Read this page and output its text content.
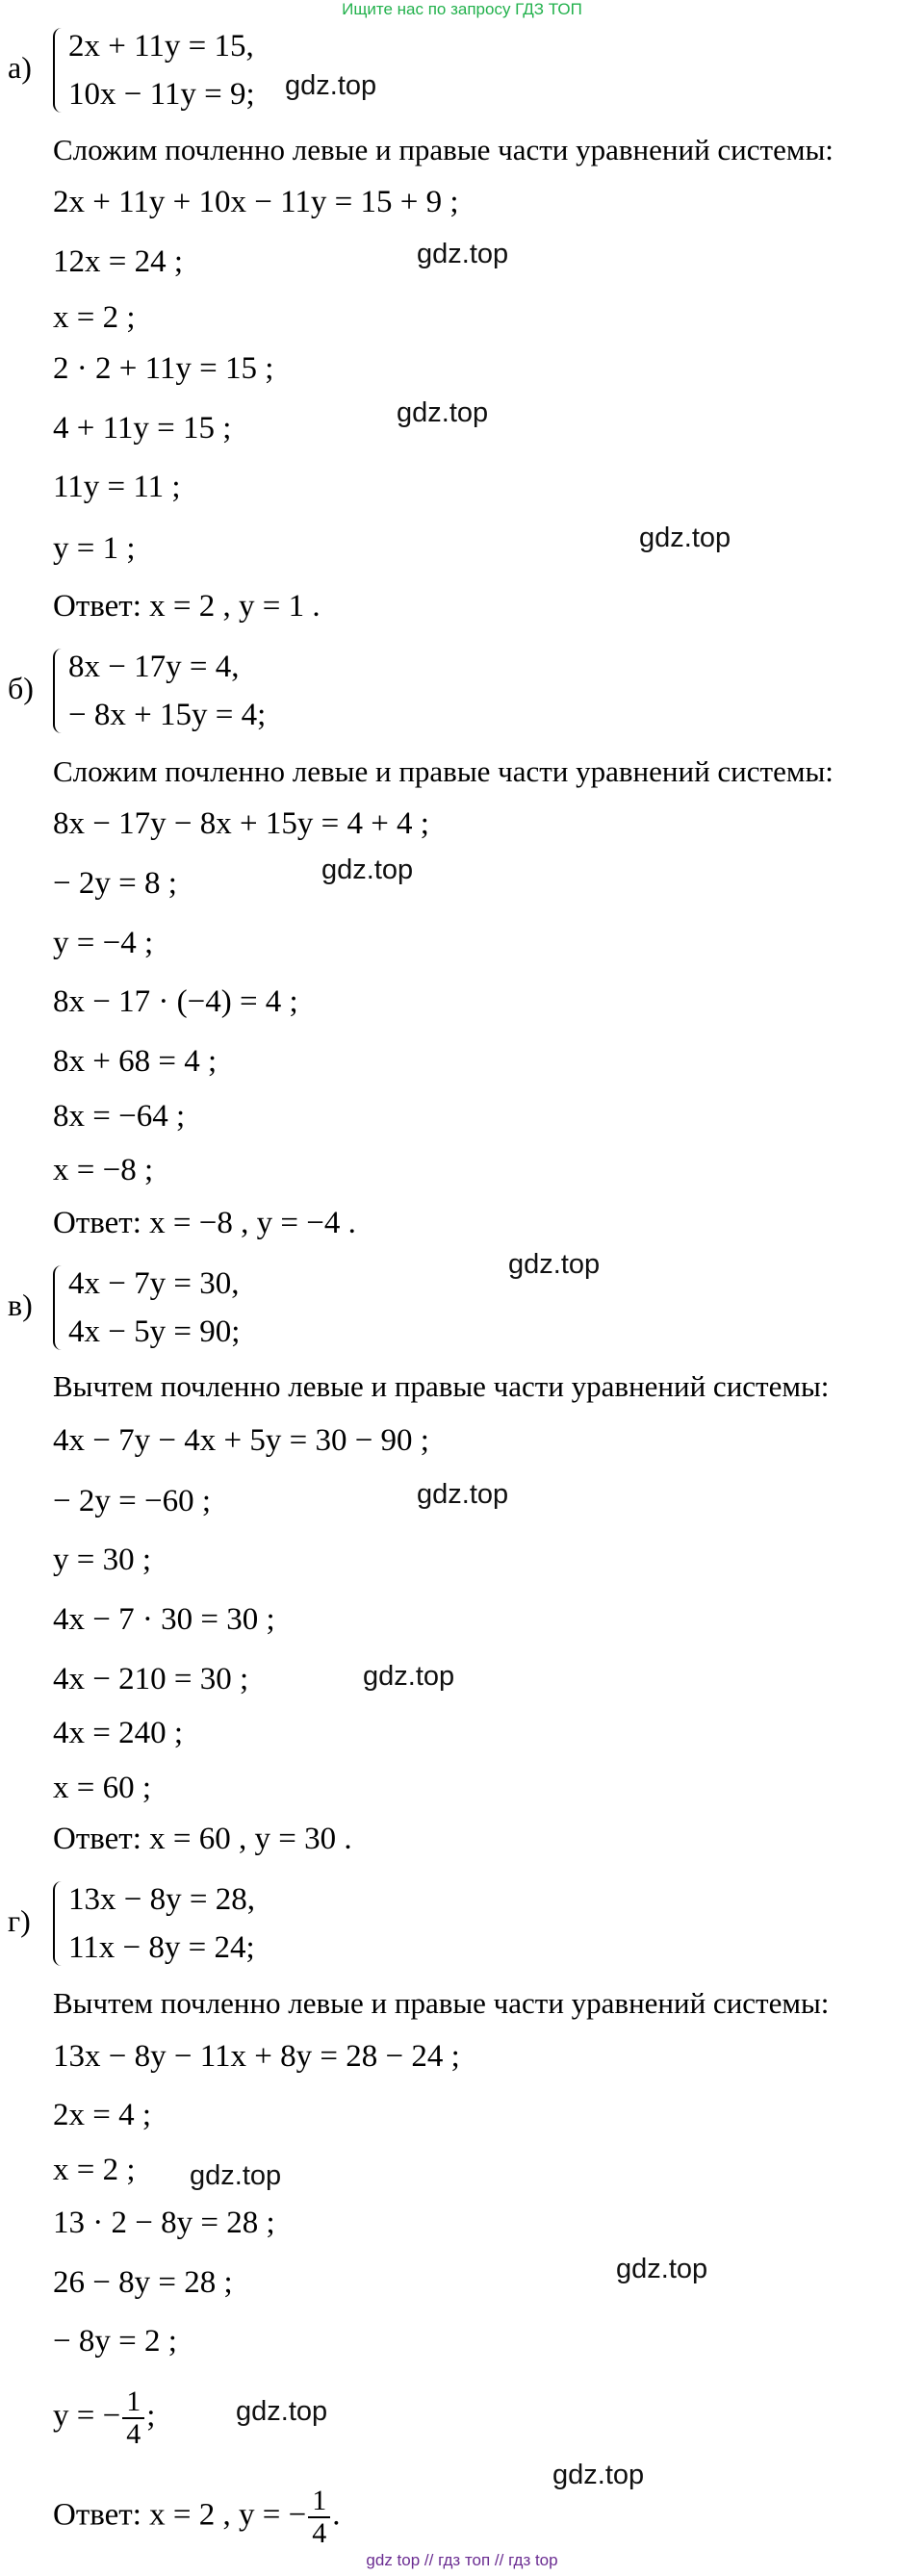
Ищите нас по запросу ГДЗ ТОП
а)
2x + 11y = 15,
10x − 11y = 9;
Сложим почленно левые и правые части уравнений системы:
2x + 11y + 10x − 11y = 15 + 9 ;
12x = 24 ;
x = 2 ;
2 · 2 + 11y = 15 ;
4 + 11y = 15 ;
11y = 11 ;
y = 1 ;
Ответ: x = 2 , y = 1 .
б)
8x − 17y = 4,
− 8x + 15y = 4;
Сложим почленно левые и правые части уравнений системы:
8x − 17y − 8x + 15y = 4 + 4 ;
− 2y = 8 ;
y = −4 ;
8x − 17 · (−4) = 4 ;
8x + 68 = 4 ;
8x = −64 ;
x = −8 ;
Ответ: x = −8 , y = −4 .
в)
4x − 7y = 30,
4x − 5y = 90;
Вычтем почленно левые и правые части уравнений системы:
4x − 7y − 4x + 5y = 30 − 90 ;
− 2y = −60 ;
y = 30 ;
4x − 7 · 30 = 30 ;
4x − 210 = 30 ;
4x = 240 ;
x = 60 ;
Ответ: x = 60 , y = 30 .
г)
13x − 8y = 28,
11x − 8y = 24;
Вычтем почленно левые и правые части уравнений системы:
13x − 8y − 11x + 8y = 28 − 24 ;
2x = 4 ;
x = 2 ;
13 · 2 − 8y = 28 ;
26 − 8y = 28 ;
− 8y = 2 ;
y = − $\frac{1}{4}$ ;
Ответ: x = 2 , y = − $\frac{1}{4}$ .
gdz.top
gdz.top
gdz.top
gdz.top
gdz.top
gdz.top
gdz.top
gdz.top
gdz.top
gdz.top
gdz.top
gdz.top
gdz top // гдз топ // гдз top
